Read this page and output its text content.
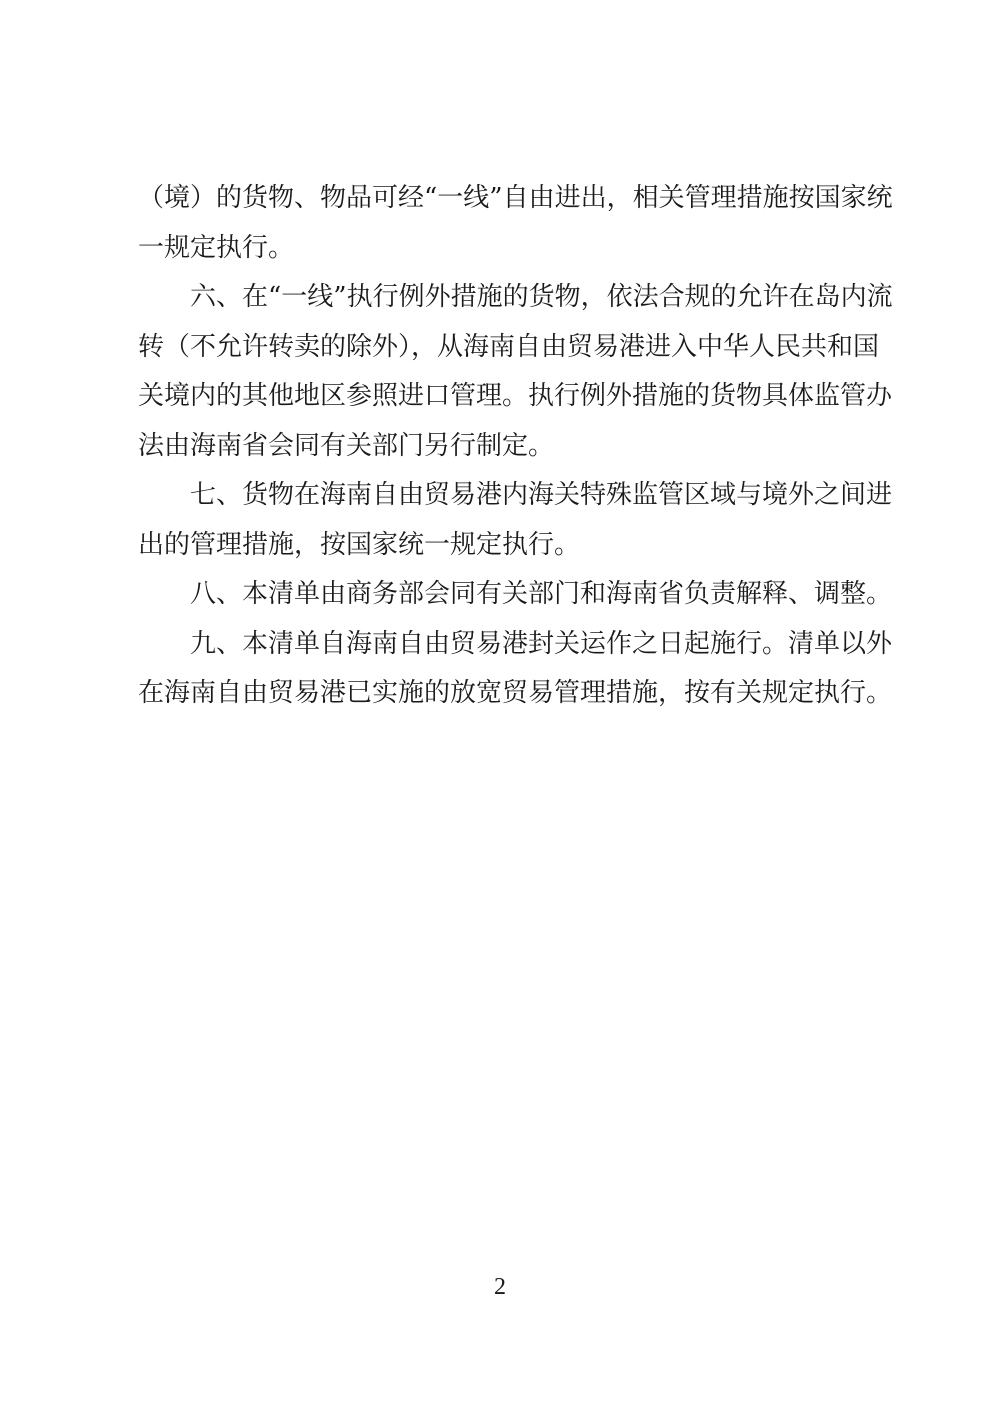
（境）的货物、物品可经“一线”自由进出，相关管理措施按国家统
一规定执行。
六、在“一线”执行例外措施的货物，依法合规的允许在岛内流
转（不允许转卖的除外），从海南自由贸易港进入中华人民共和国
关境内的其他地区参照进口管理。执行例外措施的货物具体监管办
法由海南省会同有关部门另行制定。
七、货物在海南自由贸易港内海关特殊监管区域与境外之间进
出的管理措施，按国家统一规定执行。
八、本清单由商务部会同有关部门和海南省负责解释、调整。
九、本清单自海南自由贸易港封关运作之日起施行。清单以外
在海南自由贸易港已实施的放宽贸易管理措施，按有关规定执行。
2
